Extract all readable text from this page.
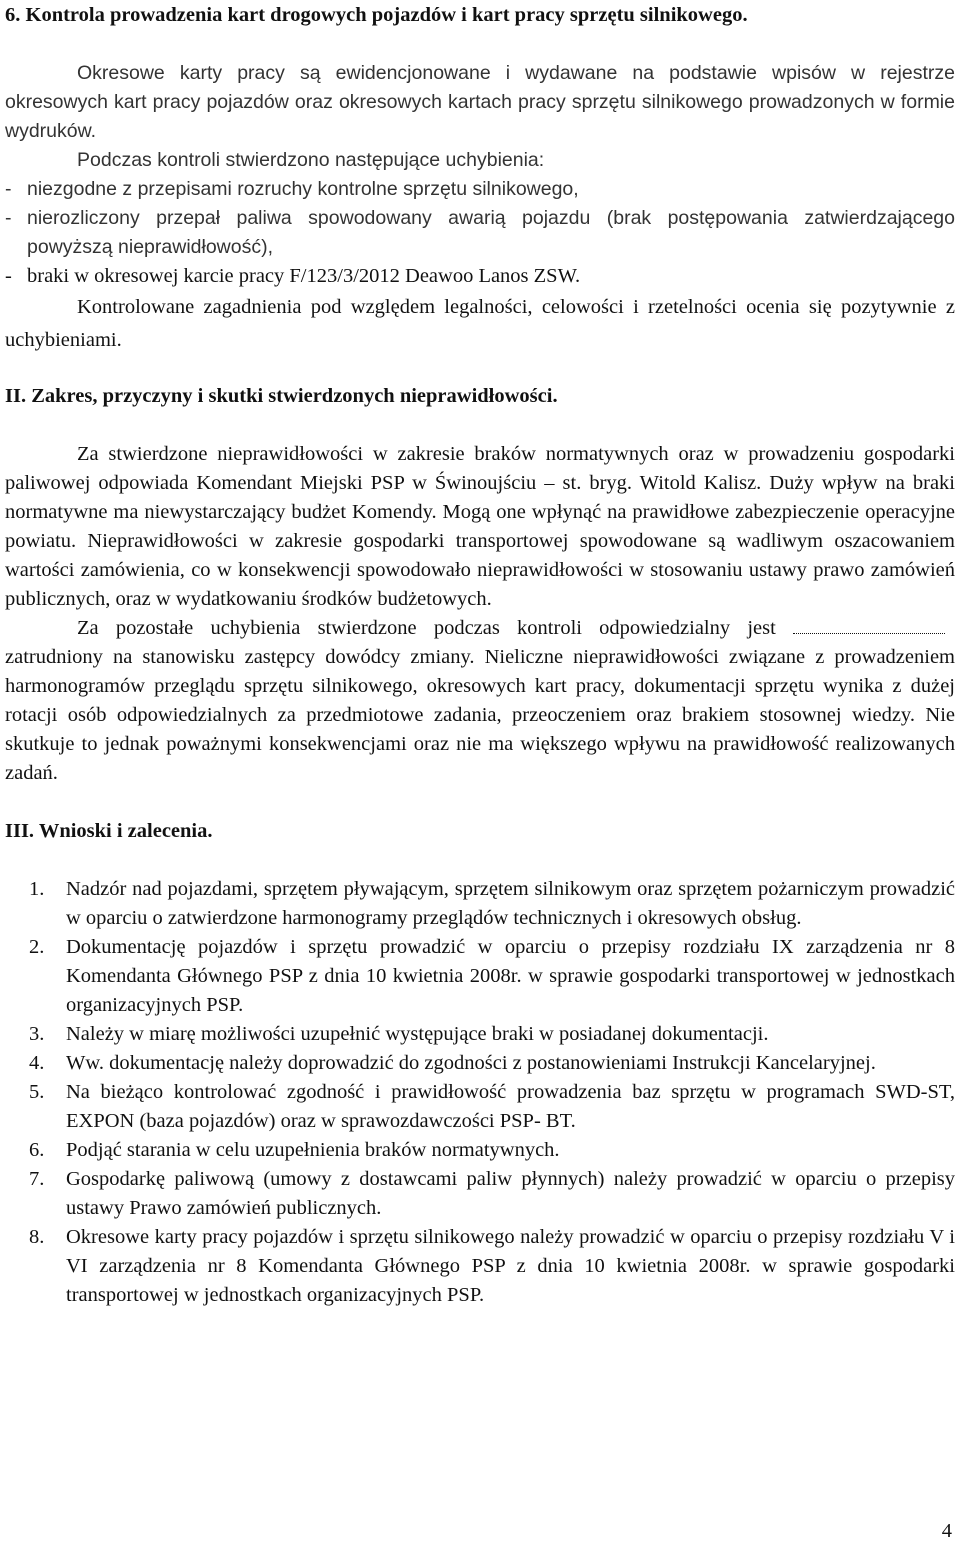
6. Kontrola prowadzenia kart drogowych pojazdów i kart pracy sprzętu silnikowego.

Okresowe karty pracy są ewidencjonowane i wydawane na podstawie wpisów w rejestrze okresowych kart pracy pojazdów oraz okresowych kartach pracy sprzętu silnikowego prowadzonych w formie wydruków.

Podczas kontroli stwierdzono następujące uchybienia:

- niezgodne z przepisami rozruchy kontrolne sprzętu silnikowego,
- nierozliczony przepał paliwa spowodowany awarią pojazdu (brak postępowania zatwierdzającego powyższą nieprawidłowość),
- braki w okresowej karcie pracy F/123/3/2012 Deawoo Lanos ZSW.

Kontrolowane zagadnienia pod względem legalności, celowości i rzetelności ocenia się pozytywnie z uchybieniami.

II. Zakres, przyczyny i skutki stwierdzonych nieprawidłowości.

Za stwierdzone nieprawidłowości w zakresie braków normatywnych oraz w prowadzeniu gospodarki paliwowej odpowiada Komendant Miejski PSP w Świnoujściu – st. bryg. Witold Kalisz. Duży wpływ na braki normatywne ma niewystarczający budżet Komendy. Mogą one wpłynąć na prawidłowe zabezpieczenie operacyjne powiatu. Nieprawidłowości w zakresie gospodarki transportowej spowodowane są wadliwym oszacowaniem wartości zamówienia, co w konsekwencji spowodowało nieprawidłowości w stosowaniu ustawy prawo zamówień publicznych, oraz w wydatkowaniu środków budżetowych.

Za pozostałe uchybienia stwierdzone podczas kontroli odpowiedzialny jest zatrudniony na stanowisku zastępcy dowódcy zmiany. Nieliczne nieprawidłowości związane z prowadzeniem harmonogramów przeglądu sprzętu silnikowego, okresowych kart pracy, dokumentacji sprzętu wynika z dużej rotacji osób odpowiedzialnych za przedmiotowe zadania, przeoczeniem oraz brakiem stosownej wiedzy. Nie skutkuje to jednak poważnymi konsekwencjami oraz nie ma większego wpływu na prawidłowość realizowanych zadań.

III. Wnioski i zalecenia.

1.	Nadzór nad pojazdami, sprzętem pływającym, sprzętem silnikowym oraz sprzętem pożarniczym prowadzić w oparciu o zatwierdzone harmonogramy przeglądów technicznych i okresowych obsług.
2.	Dokumentację pojazdów i sprzętu prowadzić w oparciu o przepisy rozdziału IX zarządzenia nr 8 Komendanta Głównego PSP z dnia 10 kwietnia 2008r. w sprawie gospodarki transportowej w jednostkach organizacyjnych PSP.
3.	Należy w miarę możliwości uzupełnić występujące braki w posiadanej dokumentacji.
4.	Ww. dokumentację należy doprowadzić do zgodności z postanowieniami Instrukcji Kancelaryjnej.
5.	Na bieżąco kontrolować zgodność i prawidłowość prowadzenia baz sprzętu w programach SWD-ST, EXPON (baza pojazdów) oraz w sprawozdawczości PSP- BT.
6.	Podjąć starania w celu uzupełnienia braków normatywnych.
7.	Gospodarkę paliwową (umowy z dostawcami paliw płynnych) należy prowadzić w oparciu o przepisy ustawy Prawo zamówień publicznych.
8.	Okresowe karty pracy pojazdów i sprzętu silnikowego należy prowadzić w oparciu o przepisy rozdziału V i VI zarządzenia nr 8 Komendanta Głównego PSP z dnia 10 kwietnia 2008r. w sprawie gospodarki transportowej w jednostkach organizacyjnych PSP.
4
